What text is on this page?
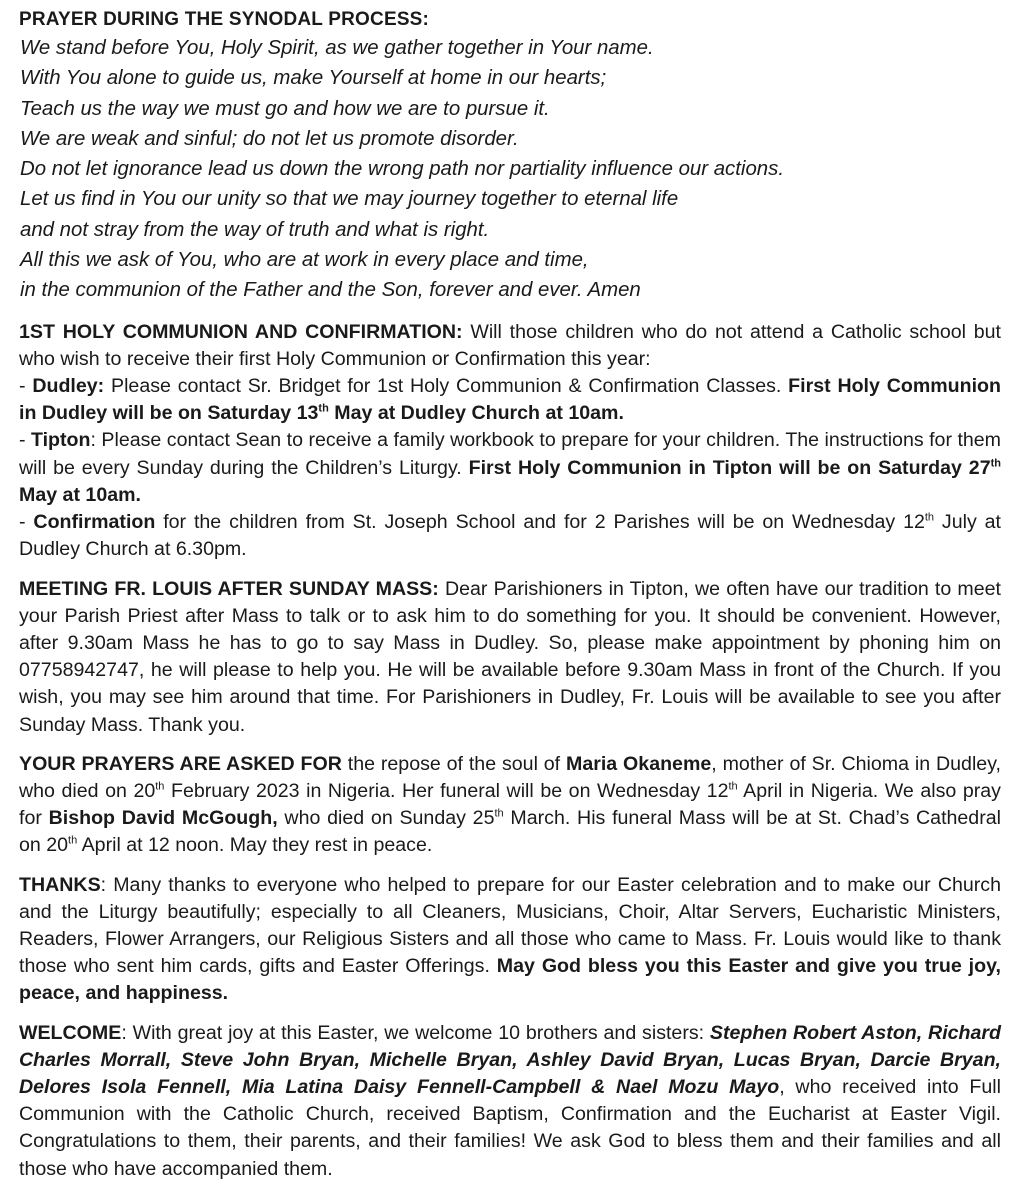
PRAYER DURING THE SYNODAL PROCESS:
We stand before You, Holy Spirit, as we gather together in Your name.
With You alone to guide us, make Yourself at home in our hearts;
Teach us the way we must go and how we are to pursue it.
We are weak and sinful; do not let us promote disorder.
Do not let ignorance lead us down the wrong path nor partiality influence our actions.
Let us find in You our unity so that we may journey together to eternal life
and not stray from the way of truth and what is right.
All this we ask of You, who are at work in every place and time,
in the communion of the Father and the Son, forever and ever. Amen

1ST HOLY COMMUNION AND CONFIRMATION: Will those children who do not attend a Catholic school but who wish to receive their first Holy Communion or Confirmation this year:

- Dudley: Please contact Sr. Bridget for 1st Holy Communion & Confirmation Classes. First Holy Communion in Dudley will be on Saturday 13th May at Dudley Church at 10am.

- Tipton: Please contact Sean to receive a family workbook to prepare for your children. The instructions for them will be every Sunday during the Children’s Liturgy. First Holy Communion in Tipton will be on Saturday 27th May at 10am.

- Confirmation for the children from St. Joseph School and for 2 Parishes will be on Wednesday 12th July at Dudley Church at 6.30pm.

MEETING FR. LOUIS AFTER SUNDAY MASS: Dear Parishioners in Tipton, we often have our tradition to meet your Parish Priest after Mass to talk or to ask him to do something for you. It should be convenient. However, after 9.30am Mass he has to go to say Mass in Dudley. So, please make appointment by phoning him on 07758942747, he will please to help you. He will be available before 9.30am Mass in front of the Church. If you wish, you may see him around that time. For Parishioners in Dudley, Fr. Louis will be available to see you after Sunday Mass. Thank you.

YOUR PRAYERS ARE ASKED FOR the repose of the soul of Maria Okaneme, mother of Sr. Chioma in Dudley, who died on 20th February 2023 in Nigeria. Her funeral will be on Wednesday 12th April in Nigeria. We also pray for Bishop David McGough, who died on Sunday 25th March. His funeral Mass will be at St. Chad’s Cathedral on 20th April at 12 noon. May they rest in peace.

THANKS: Many thanks to everyone who helped to prepare for our Easter celebration and to make our Church and the Liturgy beautifully; especially to all Cleaners, Musicians, Choir, Altar Servers, Eucharistic Ministers, Readers, Flower Arrangers, our Religious Sisters and all those who came to Mass. Fr. Louis would like to thank those who sent him cards, gifts and Easter Offerings. May God bless you this Easter and give you true joy, peace, and happiness.

WELCOME: With great joy at this Easter, we welcome 10 brothers and sisters: Stephen Robert Aston, Richard Charles Morrall, Steve John Bryan, Michelle Bryan, Ashley David Bryan, Lucas Bryan, Darcie Bryan, Delores Isola Fennell, Mia Latina Daisy Fennell-Campbell & Nael Mozu Mayo, who received into Full Communion with the Catholic Church, received Baptism, Confirmation and the Eucharist at Easter Vigil. Congratulations to them, their parents, and their families! We ask God to bless them and their families and all those who have accompanied them.
